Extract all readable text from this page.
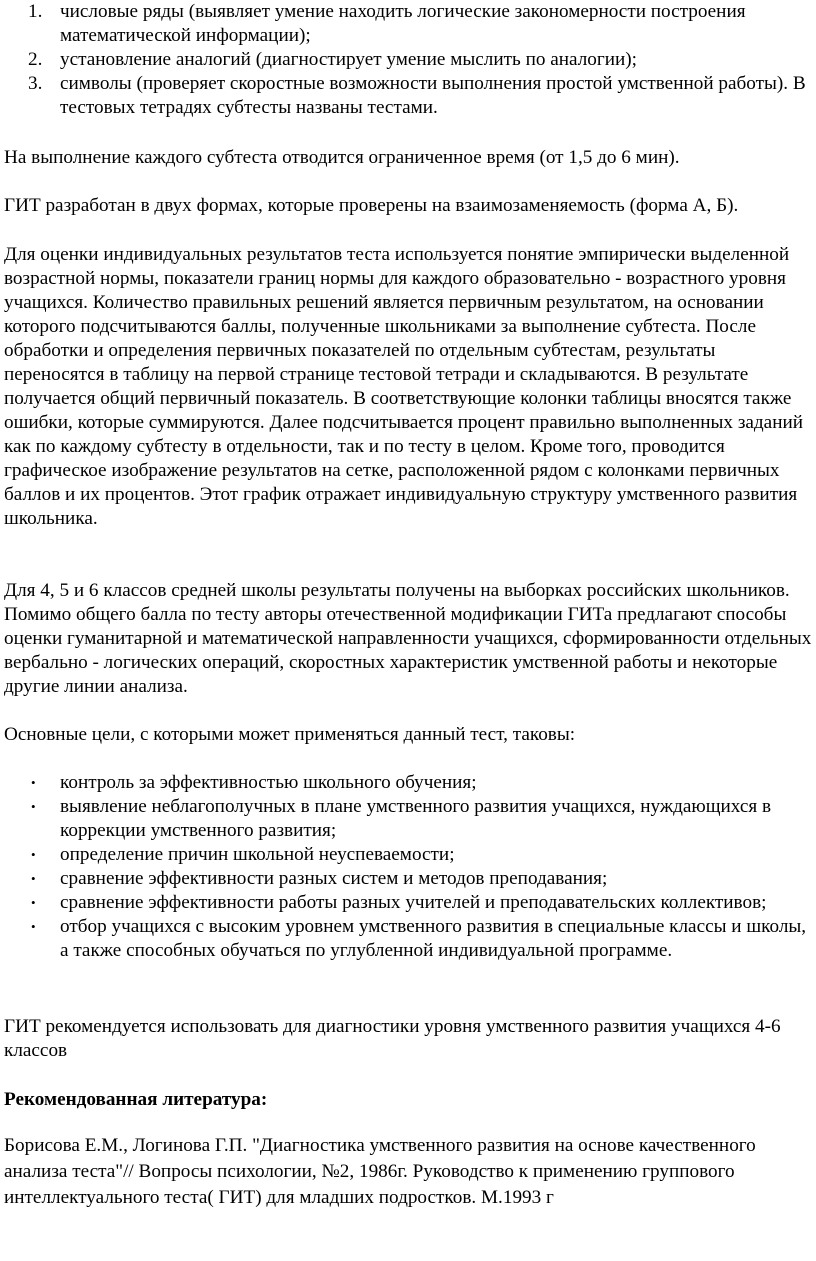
1. числовые ряды (выявляет умение находить логические закономерности построения математической информации);
2. установление аналогий (диагностирует умение мыслить по аналогии);
3. символы (проверяет скоростные возможности выполнения простой умственной работы). В тестовых тетрадях субтесты названы тестами.

На выполнение каждого субтеста отводится ограниченное время (от 1,5 до 6 мин).

ГИТ разработан в двух формах, которые проверены на взаимозаменяемость (форма А, Б).

Для оценки индивидуальных результатов теста используется понятие эмпирически выделенной возрастной нормы, показатели границ нормы для каждого образовательно - возрастного уровня учащихся. Количество правильных решений является первичным результатом, на основании которого подсчитываются баллы, полученные школьниками за выполнение субтеста. После обработки и определения первичных показателей по отдельным субтестам, результаты переносятся в таблицу на первой странице тестовой тетради и складываются. В результате получается общий первичный показатель. В соответствующие колонки таблицы вносятся также ошибки, которые суммируются. Далее подсчитывается процент правильно выполненных заданий как по каждому субтесту в отдельности, так и по тесту в целом. Кроме того, проводится графическое изображение результатов на сетке, расположенной рядом с колонками первичных баллов и их процентов. Этот график отражает индивидуальную структуру умственного развития школьника.

Для 4, 5 и 6 классов средней школы результаты получены на выборках российских школьников. Помимо общего балла по тесту авторы отечественной модификации ГИТа предлагают способы оценки гуманитарной и математической направленности учащихся, сформированности отдельных вербально - логических операций, скоростных характеристик умственной работы и некоторые другие линии анализа.

Основные цели, с которыми может применяться данный тест, таковы:

• контроль за эффективностью школьного обучения;
• выявление неблагополучных в плане умственного развития учащихся, нуждающихся в коррекции умственного развития;
• определение причин школьной неуспеваемости;
• сравнение эффективности разных систем и методов преподавания;
• сравнение эффективности работы разных учителей и преподавательских коллективов;
• отбор учащихся с высоким уровнем умственного развития в специальные классы и школы, а также способных обучаться по углубленной индивидуальной программе.

ГИТ рекомендуется использовать для диагностики уровня умственного развития учащихся 4-6 классов

Рекомендованная литература:

Борисова Е.М., Логинова Г.П. "Диагностика умственного развития на основе качественного анализа теста"// Вопросы психологии, №2, 1986г. Руководство к применению группового интеллектуального теста( ГИТ) для младших подростков. М.1993 г
